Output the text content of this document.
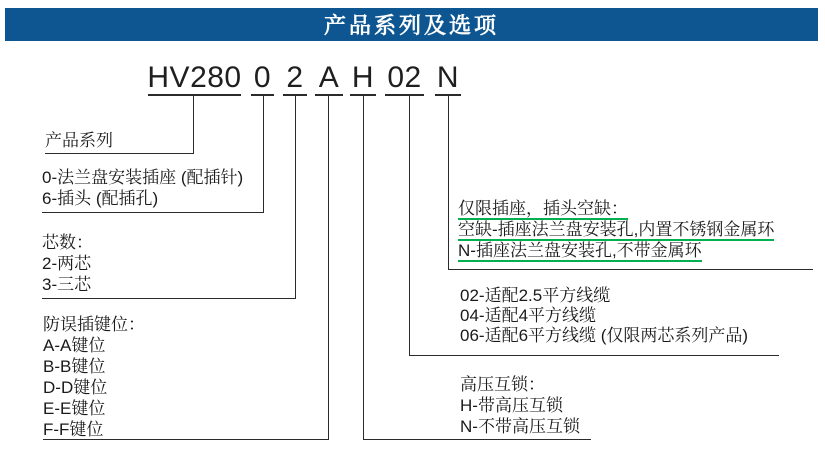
产品系列及选项
HV280 0 2 A H 02 N
产品系列
0-法兰盘安装插座 (配插针)
6-插头 (配插孔)
芯数：
2-两芯
3-三芯
防误插键位：
A-A键位
B-B键位
D-D键位
E-E键位
F-F键位
高压互锁：
H-带高压互锁
N-不带高压互锁
02-适配2.5平方线缆
04-适配4平方线缆
06-适配6平方线缆 (仅限两芯系列产品)
仅限插座，插头空缺：
空缺-插座法兰盘安装孔,内置不锈钢金属环
N-插座法兰盘安装孔,不带金属环
